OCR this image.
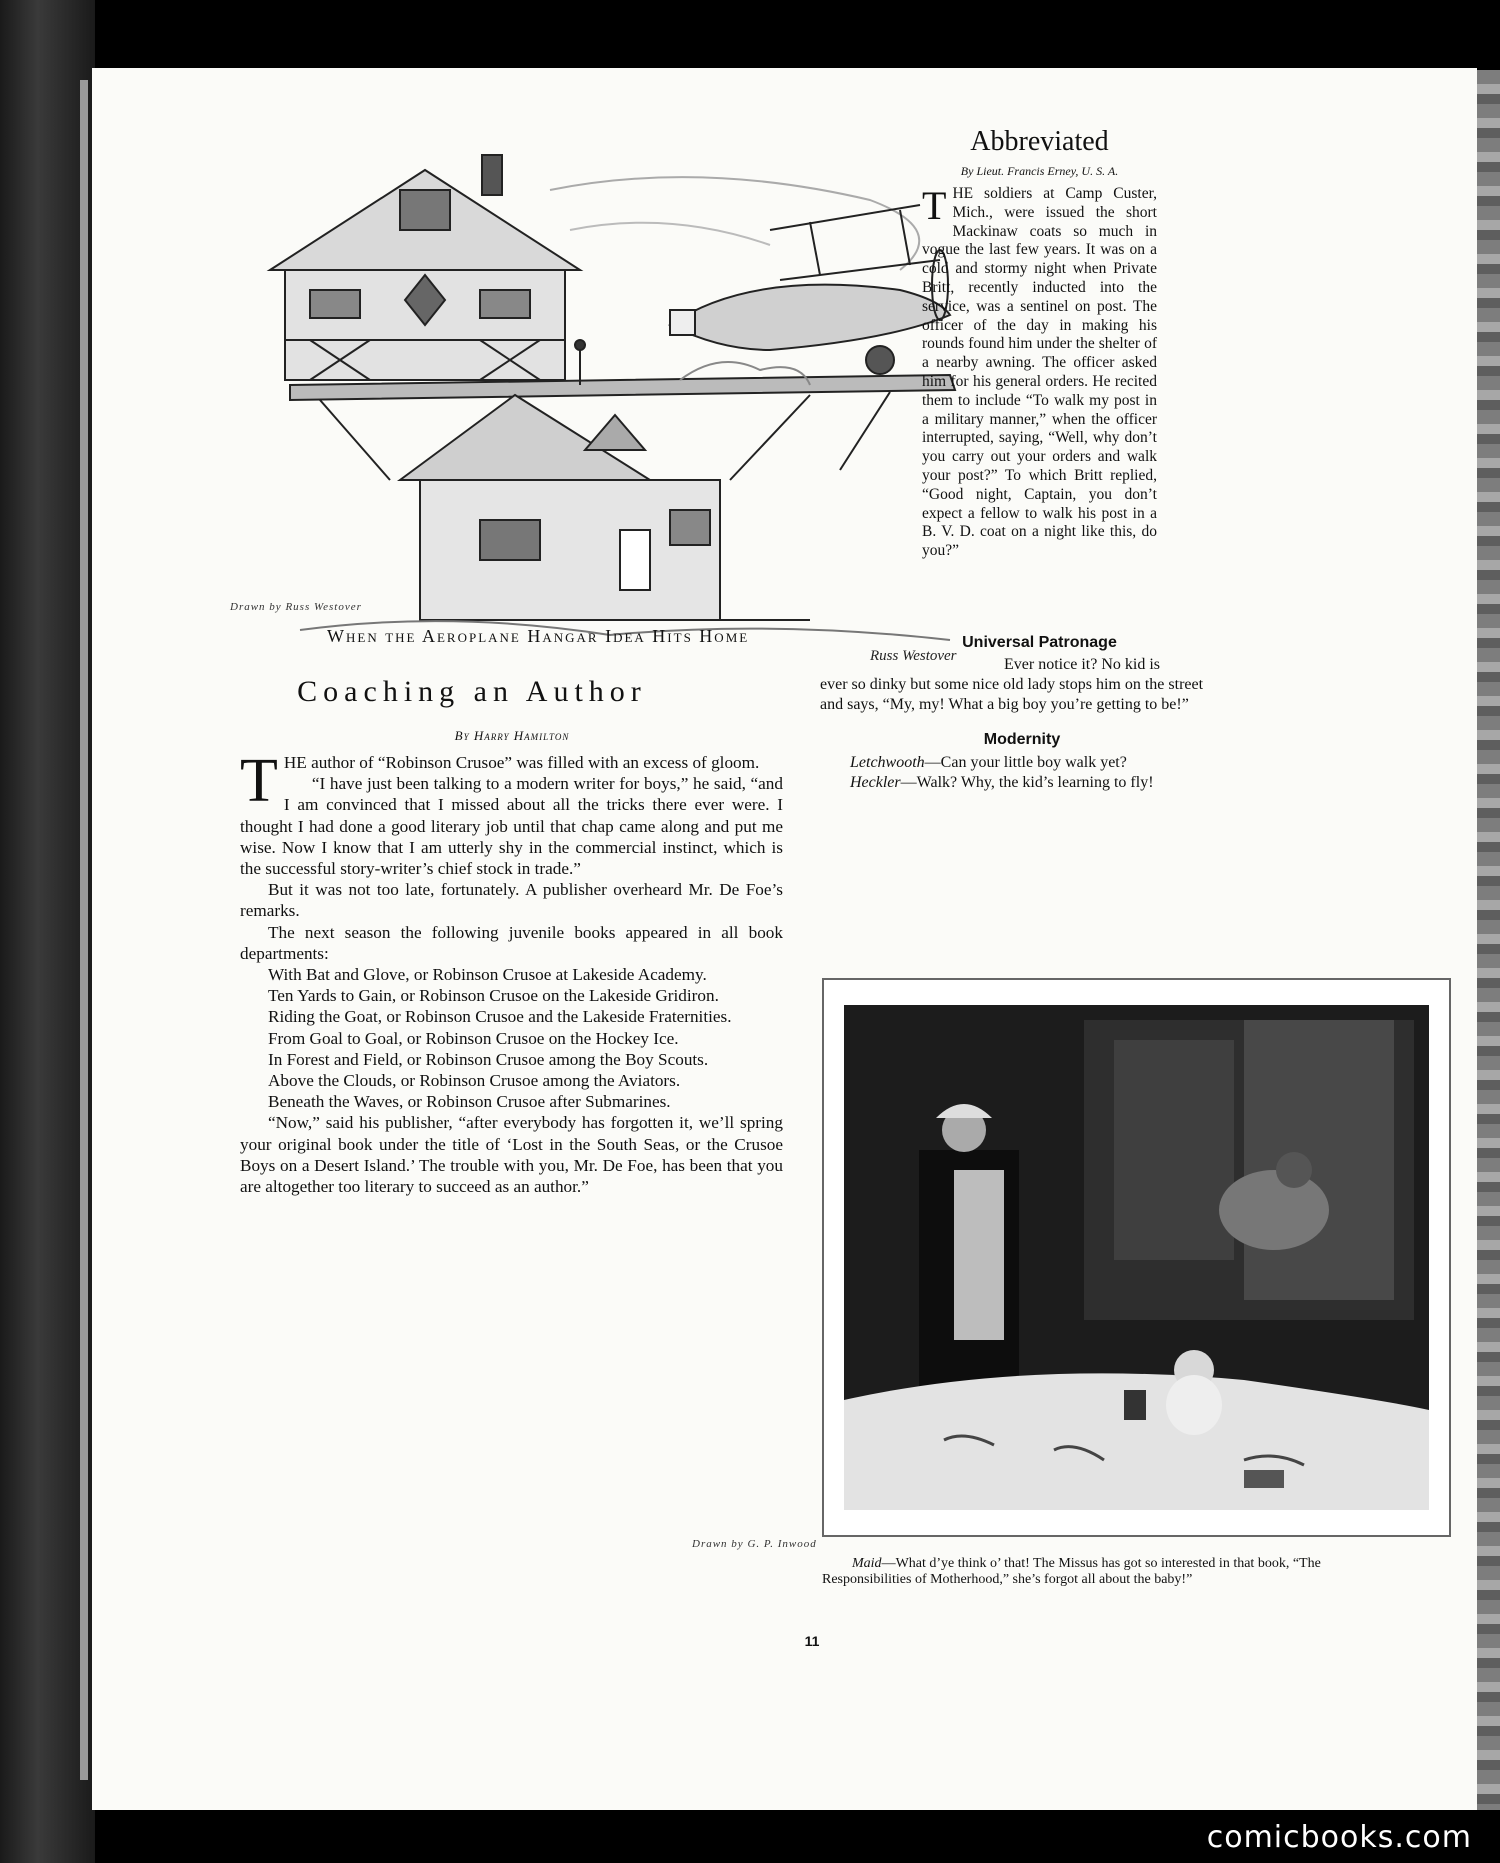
Russ Westover
Drawn by Russ Westover
When the Aeroplane Hangar Idea Hits Home
Abbreviated
By Lieut. Francis Erney, U. S. A.
THE soldiers at Camp Custer, Mich., were issued the short Mackinaw coats so much in vogue the last few years. It was on a cold and stormy night when Private Britt, recently inducted into the service, was a sentinel on post. The officer of the day in making his rounds found him under the shelter of a nearby awning. The officer asked him for his general orders. He recited them to include “To walk my post in a military manner,” when the officer interrupted, saying, “Well, why don’t you carry out your orders and walk your post?” To which Britt replied, “Good night, Captain, you don’t expect a fellow to walk his post in a B. V. D. coat on a night like this, do you?”
Universal Patronage
Ever notice it? No kid is
ever so dinky but some nice old lady stops him on the street
and says, “My, my! What a big boy you’re getting to be!”
Modernity
Letchwooth—Can your little boy walk yet?
Heckler—Walk? Why, the kid’s learning to fly!
Coaching an Author
By Harry Hamilton

THE author of “Robinson Crusoe” was filled with an excess of gloom.

“I have just been talking to a modern writer for boys,” he said, “and I am convinced that I missed about all the tricks there ever were. I thought I had done a good literary job until that chap came along and put me wise. Now I know that I am utterly shy in the commercial instinct, which is the successful story-writer’s chief stock in trade.”

But it was not too late, fortunately. A publisher overheard Mr. De Foe’s remarks.

The next season the following juvenile books appeared in all book departments:

With Bat and Glove, or Robinson Crusoe at Lakeside Academy.

Ten Yards to Gain, or Robinson Crusoe on the Lakeside Gridiron.

Riding the Goat, or Robinson Crusoe and the Lakeside Fraternities.

From Goal to Goal, or Robinson Crusoe on the Hockey Ice.

In Forest and Field, or Robinson Crusoe among the Boy Scouts.

Above the Clouds, or Robinson Crusoe among the Aviators.

Beneath the Waves, or Robinson Crusoe after Submarines.

“Now,” said his publisher, “after everybody has forgotten it, we’ll spring your original book under the title of ‘Lost in the South Seas, or the Crusoe Boys on a Desert Island.’ The trouble with you, Mr. De Foe, has been that you are altogether too literary to succeed as an author.”

Drawn by G. P. Inwood
Maid—What d’ye think o’ that! The Missus has got so interested in that book, “The Responsibilities of Motherhood,” she’s forgot all about the baby!”
11
comicbooks.com
